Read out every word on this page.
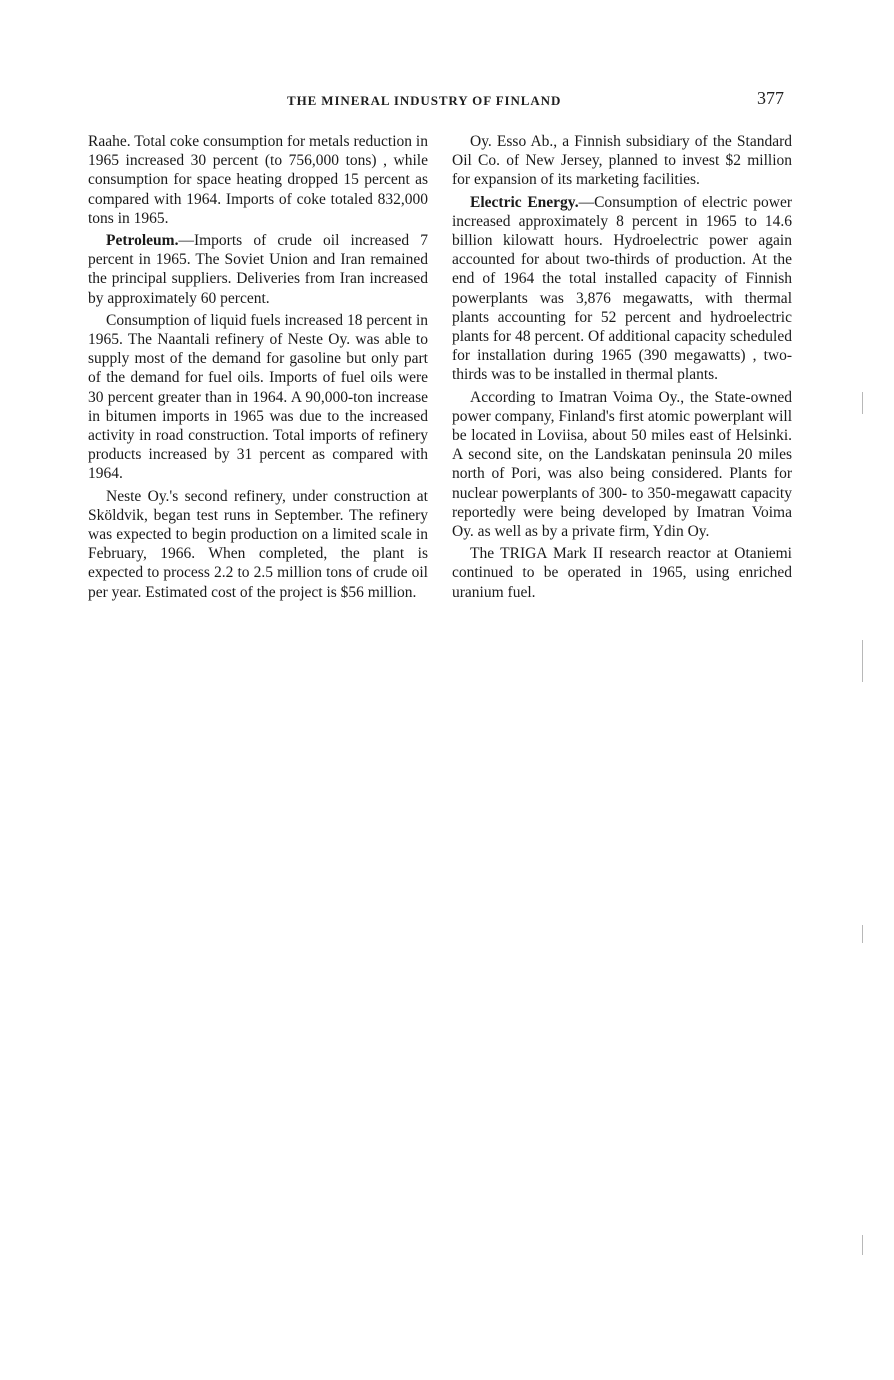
THE MINERAL INDUSTRY OF FINLAND	377

Raahe. Total coke consumption for metals reduction in 1965 increased 30 percent (to 756,000 tons) , while consumption for space heating dropped 15 percent as compared with 1964. Imports of coke totaled 832,000 tons in 1965.

Petroleum.—Imports of crude oil increased 7 percent in 1965. The Soviet Union and Iran remained the principal suppliers. Deliveries from Iran increased by approximately 60 percent.

Consumption of liquid fuels increased 18 percent in 1965. The Naantali refinery of Neste Oy. was able to supply most of the demand for gasoline but only part of the demand for fuel oils. Imports of fuel oils were 30 percent greater than in 1964. A 90,000-ton increase in bitumen imports in 1965 was due to the increased activity in road construction. Total imports of refinery products increased by 31 percent as compared with 1964.

Neste Oy.'s second refinery, under construction at Sköldvik, began test runs in September. The refinery was expected to begin production on a limited scale in February, 1966. When completed, the plant is expected to process 2.2 to 2.5 million tons of crude oil per year. Estimated cost of the project is $56 million.

Oy. Esso Ab., a Finnish subsidiary of the Standard Oil Co. of New Jersey, planned to invest $2 million for expansion of its marketing facilities.

Electric Energy.—Consumption of electric power increased approximately 8 percent in 1965 to 14.6 billion kilowatt hours. Hydroelectric power again accounted for about two-thirds of production. At the end of 1964 the total installed capacity of Finnish powerplants was 3,876 megawatts, with thermal plants accounting for 52 percent and hydroelectric plants for 48 percent. Of additional capacity scheduled for installation during 1965 (390 megawatts) , two-thirds was to be installed in thermal plants.

According to Imatran Voima Oy., the State-owned power company, Finland's first atomic powerplant will be located in Loviisa, about 50 miles east of Helsinki. A second site, on the Landskatan peninsula 20 miles north of Pori, was also being considered. Plants for nuclear powerplants of 300- to 350-megawatt capacity reportedly were being developed by Imatran Voima Oy. as well as by a private firm, Ydin Oy.

The TRIGA Mark II research reactor at Otaniemi continued to be operated in 1965, using enriched uranium fuel.
